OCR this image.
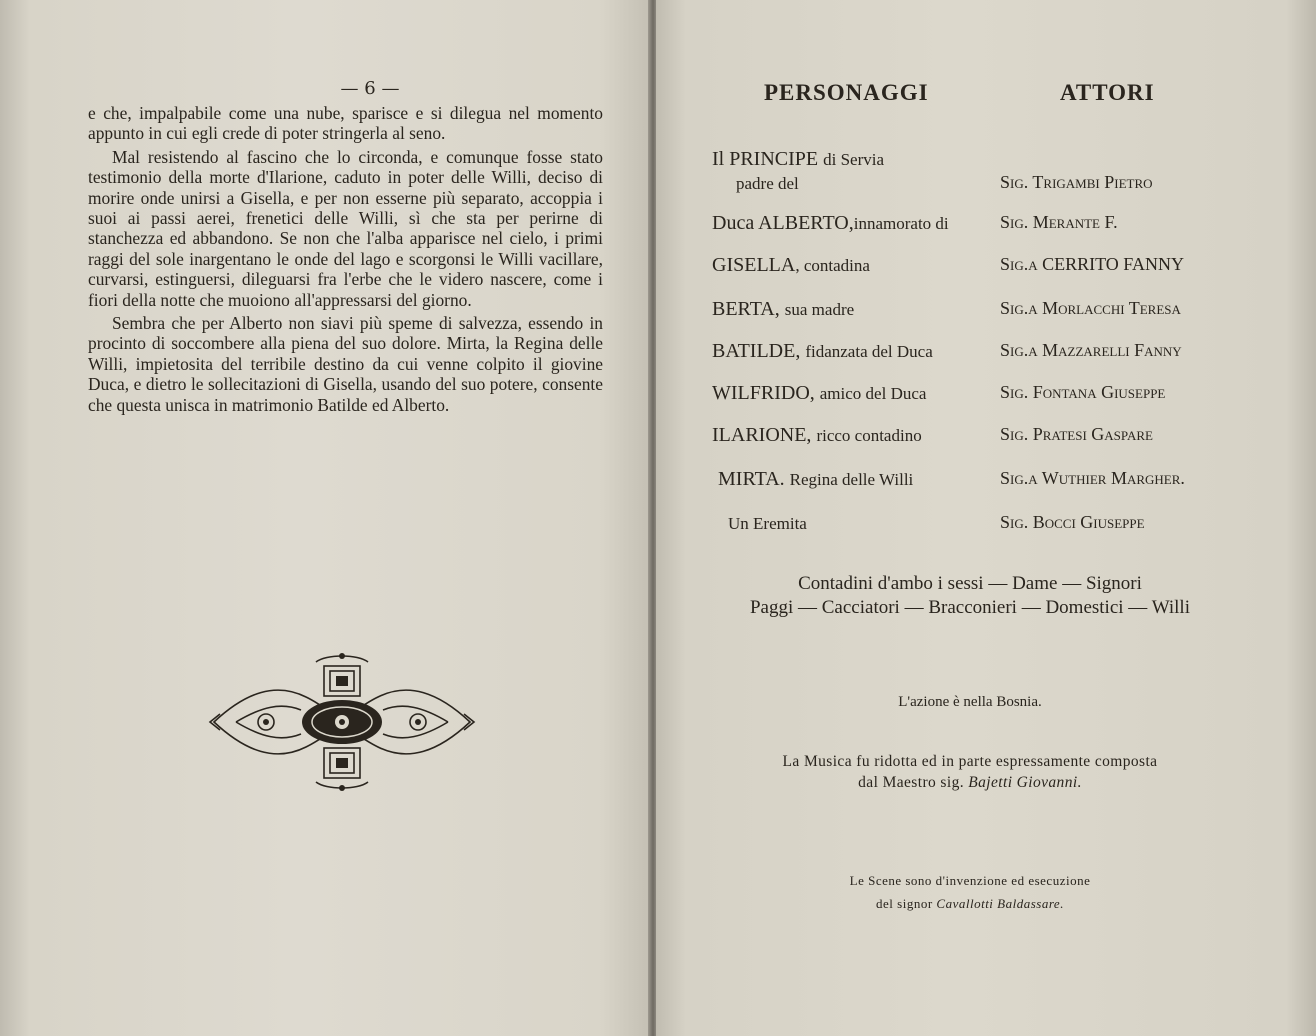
— 6 —

e che, impalpabile come una nube, sparisce e si dilegua nel momento appunto in cui egli crede di poter stringerla al seno.

Mal resistendo al fascino che lo circonda, e comunque fosse stato testimonio della morte d'Ilarione, caduto in poter delle Willi, deciso di morire onde unirsi a Gisella, e per non esserne più separato, accoppia i suoi ai passi aerei, frenetici delle Willi, sì che sta per perirne di stanchezza ed abbandono. Se non che l'alba apparisce nel cielo, i primi raggi del sole inargentano le onde del lago e scorgonsi le Willi vacillare, curvarsi, estinguersi, dileguarsi fra l'erbe che le videro nascere, come i fiori della notte che muoiono all'appressarsi del giorno.

Sembra che per Alberto non siavi più speme di salvezza, essendo in procinto di soccombere alla piena del suo dolore. Mirta, la Regina delle Willi, impietosita del terribile destino da cui venne colpito il giovine Duca, e dietro le sollecitazioni di Gisella, usando del suo potere, consente che questa unisca in matrimonio Batilde ed Alberto.

PERSONAGGI	ATTORI
Il PRINCIPE di Servia
padre del	Sig. Trigambi Pietro
Duca ALBERTO,innamorato di	Sig. Merante F.
GISELLA, contadina	Sig.a CERRITO FANNY
BERTA, sua madre	Sig.a Morlacchi Teresa
BATILDE, fidanzata del Duca	Sig.a Mazzarelli Fanny
WILFRIDO, amico del Duca	Sig. Fontana Giuseppe
ILARIONE, ricco contadino	Sig. Pratesi Gaspare
MIRTA. Regina delle Willi	Sig.a Wuthier Margher.
Un Eremita	Sig. Bocci Giuseppe
Contadini d'ambo i sessi — Dame — Signori
Paggi — Cacciatori — Bracconieri — Domestici — Willi
L'azione è nella Bosnia.
La Musica fu ridotta ed in parte espressamente composta
dal Maestro sig. Bajetti Giovanni.
Le Scene sono d'invenzione ed esecuzione
del signor Cavallotti Baldassare.
